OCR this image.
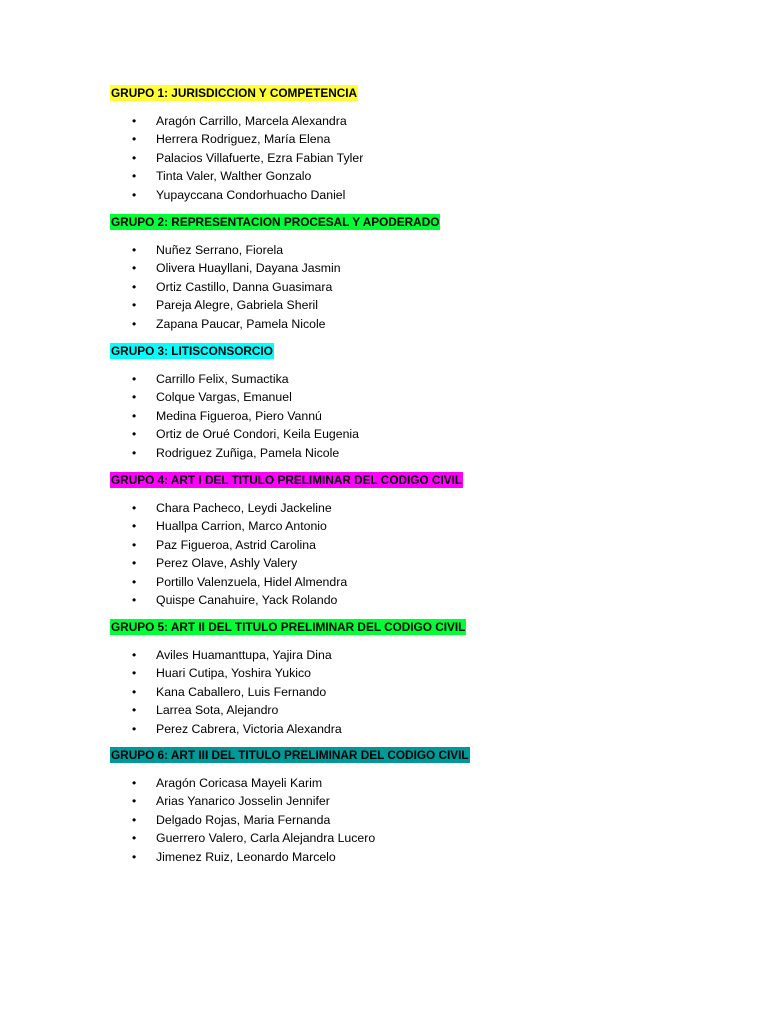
GRUPO 1: JURISDICCION Y COMPETENCIA
• Aragón Carrillo, Marcela Alexandra
• Herrera Rodriguez, María Elena
• Palacios Villafuerte, Ezra Fabian Tyler
• Tinta Valer, Walther Gonzalo
• Yupayccana Condorhuacho Daniel
GRUPO 2: REPRESENTACION PROCESAL Y APODERADO
• Nuñez Serrano, Fiorela
• Olivera Huayllani, Dayana Jasmin
• Ortiz Castillo, Danna Guasimara
• Pareja Alegre, Gabriela Sheril
• Zapana Paucar, Pamela Nicole
GRUPO 3: LITISCONSORCIO
• Carrillo Felix, Sumactika
• Colque Vargas, Emanuel
• Medina Figueroa, Piero Vannú
• Ortiz de Orué Condori, Keila Eugenia
• Rodriguez Zuñiga, Pamela Nicole
GRUPO 4: ART I DEL TITULO PRELIMINAR DEL CODIGO CIVIL
• Chara Pacheco, Leydi Jackeline
• Huallpa Carrion, Marco Antonio
• Paz Figueroa, Astrid Carolina
• Perez Olave, Ashly Valery
• Portillo Valenzuela, Hidel Almendra
• Quispe Canahuire, Yack Rolando
GRUPO 5: ART II DEL TITULO PRELIMINAR DEL CODIGO CIVIL
• Aviles Huamanttupa, Yajira Dina
• Huari Cutipa, Yoshira Yukico
• Kana Caballero, Luis Fernando
• Larrea Sota, Alejandro
• Perez Cabrera, Victoria Alexandra
GRUPO 6: ART III DEL TITULO PRELIMINAR DEL CODIGO CIVIL
• Aragón Coricasa Mayeli Karim
• Arias Yanarico Josselin Jennifer
• Delgado Rojas, Maria Fernanda
• Guerrero Valero, Carla Alejandra Lucero
• Jimenez Ruiz, Leonardo Marcelo
